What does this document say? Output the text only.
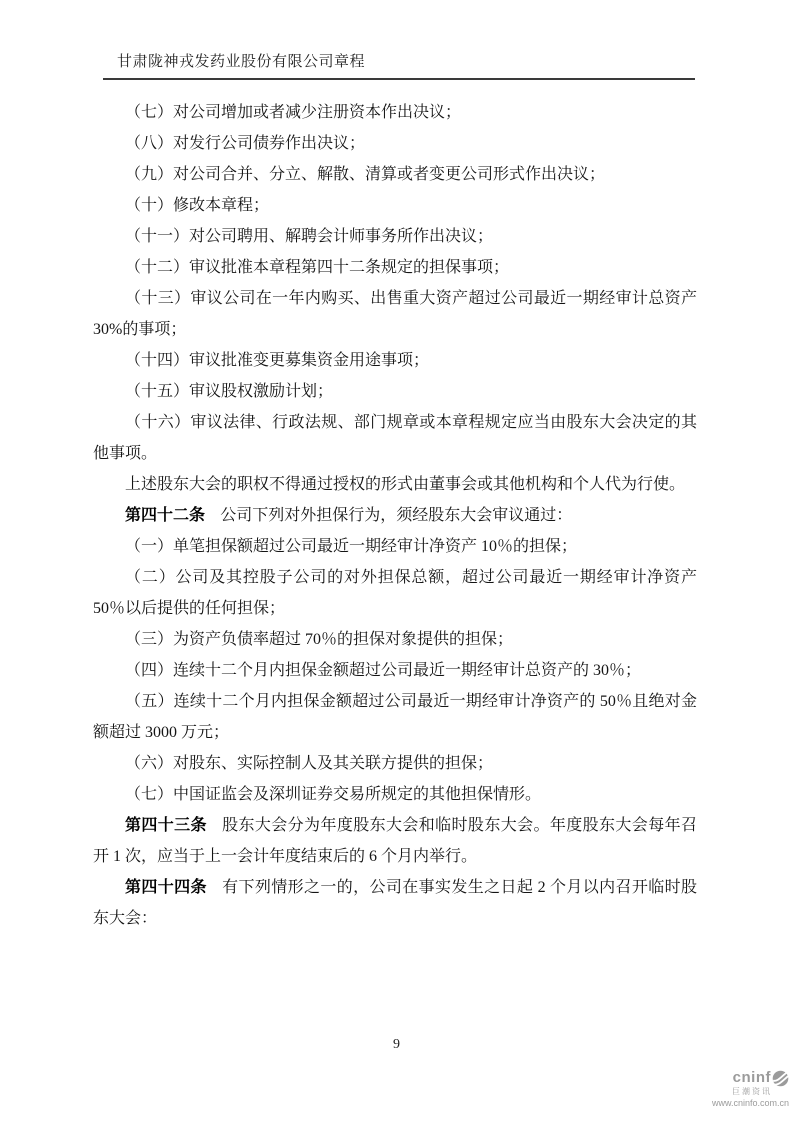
甘肃陇神戎发药业股份有限公司章程

（七）对公司增加或者减少注册资本作出决议；

（八）对发行公司债券作出决议；

（九）对公司合并、分立、解散、清算或者变更公司形式作出决议；

（十）修改本章程；

（十一）对公司聘用、解聘会计师事务所作出决议；

（十二）审议批准本章程第四十二条规定的担保事项；

（十三）审议公司在一年内购买、出售重大资产超过公司最近一期经审计总资产 30%的事项；

（十四）审议批准变更募集资金用途事项；

（十五）审议股权激励计划；

（十六）审议法律、行政法规、部门规章或本章程规定应当由股东大会决定的其他事项。

上述股东大会的职权不得通过授权的形式由董事会或其他机构和个人代为行使。

第四十二条 公司下列对外担保行为，须经股东大会审议通过：

（一）单笔担保额超过公司最近一期经审计净资产 10％的担保；

（二）公司及其控股子公司的对外担保总额，超过公司最近一期经审计净资产 50％以后提供的任何担保；

（三）为资产负债率超过 70％的担保对象提供的担保；

（四）连续十二个月内担保金额超过公司最近一期经审计总资产的 30％；

（五）连续十二个月内担保金额超过公司最近一期经审计净资产的 50％且绝对金额超过 3000 万元；

（六）对股东、实际控制人及其关联方提供的担保；

（七）中国证监会及深圳证券交易所规定的其他担保情形。

第四十三条 股东大会分为年度股东大会和临时股东大会。年度股东大会每年召开 1 次，应当于上一会计年度结束后的 6 个月内举行。

第四十四条 有下列情形之一的，公司在事实发生之日起 2 个月以内召开临时股东大会：

9
cninf
巨潮资讯
www.cninfo.com.cn
